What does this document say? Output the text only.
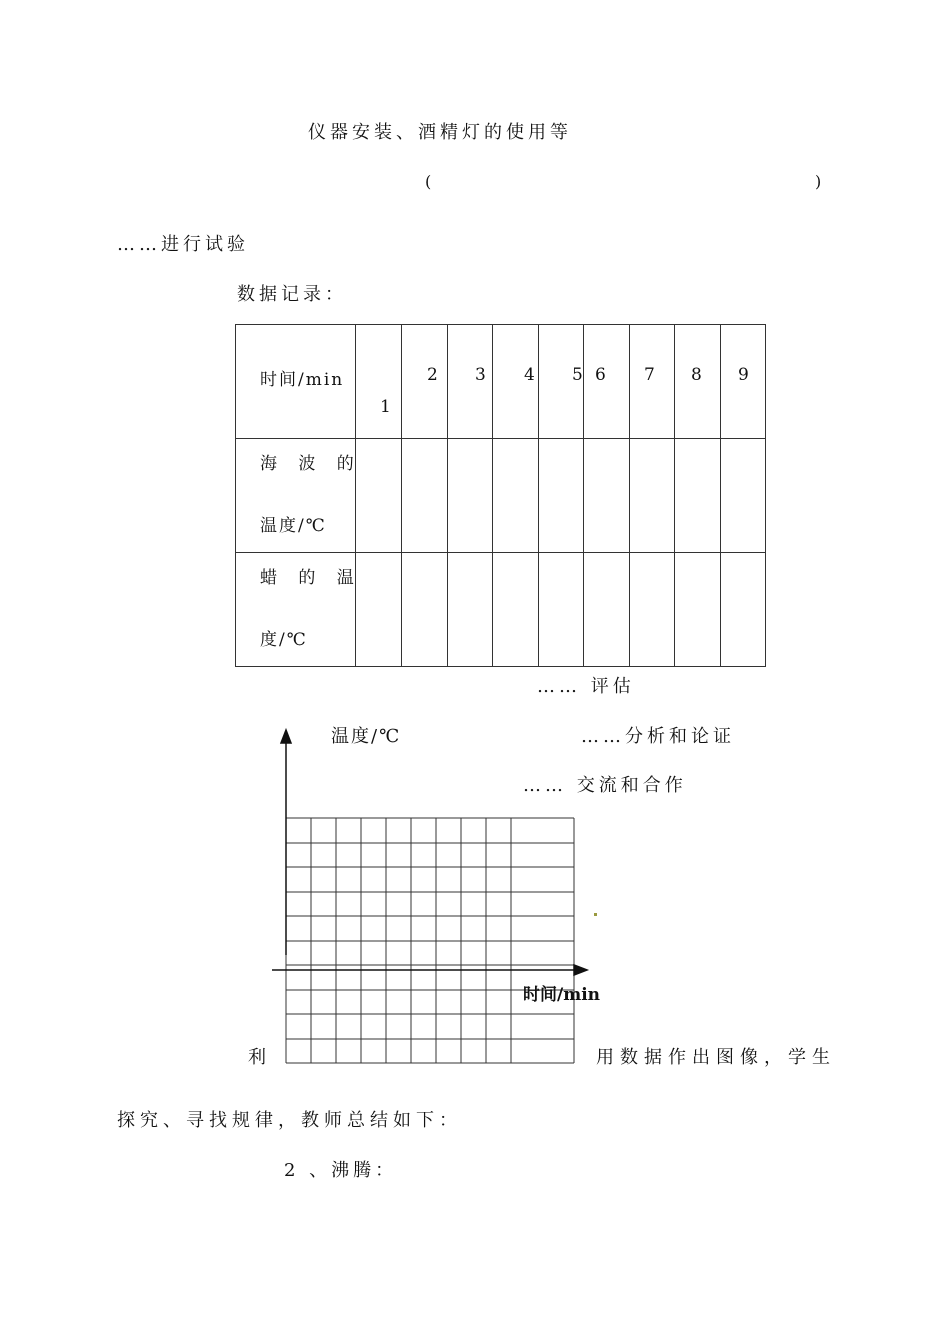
仪器安装、酒精灯的使用等
(	)
……进行试验
数据记录：
时间/min	1	2	3	4	5	6	7	8	9

海 波 的
温度/℃									

蜡 的 温
度/℃									

…… 评估
温度/℃	……分析和论证
…… 交流和合作
时间/min
利	用数据作出图像，学生
探究、寻找规律，教师总结如下：
2 、沸腾：
